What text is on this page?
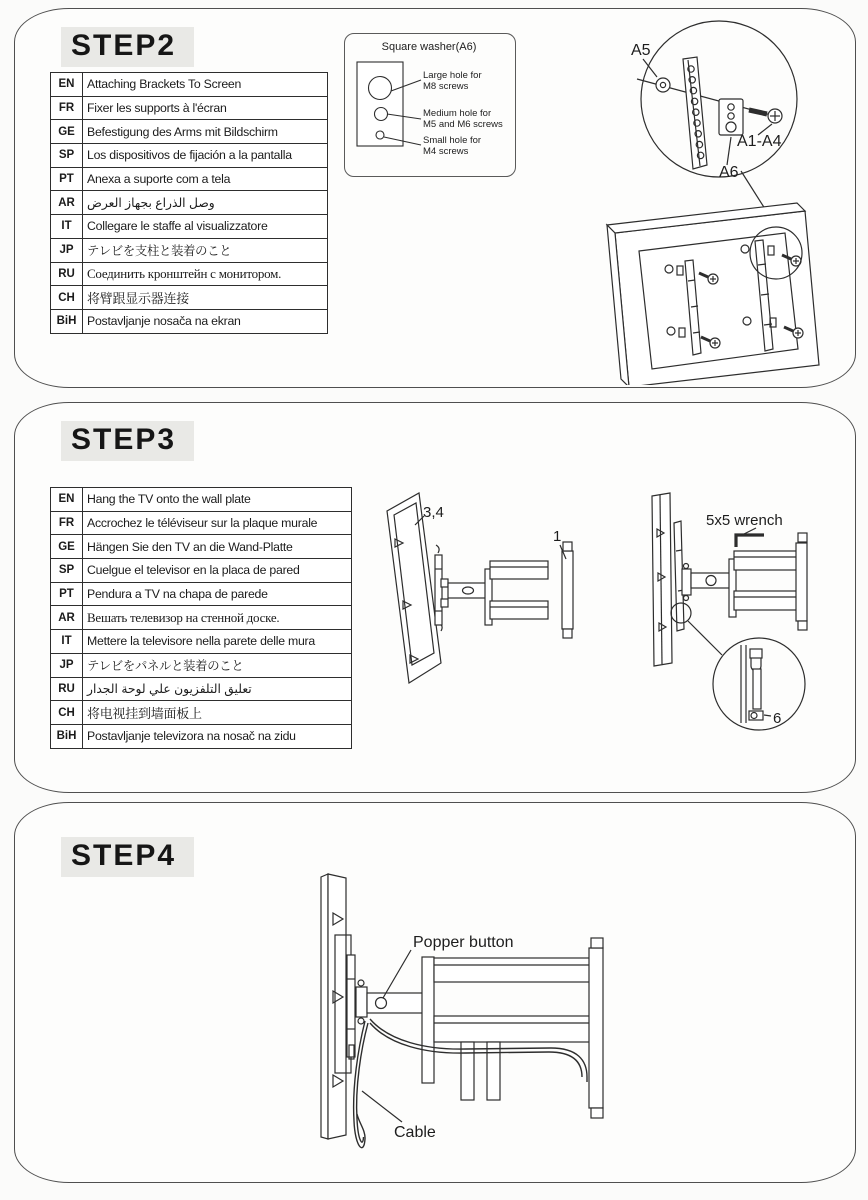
STEP2
EN	Attaching Brackets To Screen
FR	Fixer les supports à l'écran
GE	Befestigung des Arms mit Bildschirm
SP	Los dispositivos de fijación a la pantalla
PT	Anexa a suporte com a tela
AR	وصل الذراع بجهاز العرض
IT	Collegare le staffe al visualizzatore
JP	テレビを支柱と装着のこと
RU	Соединить кронштейн с монитором.
CH	将臂跟显示器连接
BiH	Postavljanje nosača na ekran
Square washer(A6)
Large hole for
M8 screws
Medium hole for
M5 and M6 screws
Small hole for
M4 screws
A5
A1-A4
A6
STEP3
EN	Hang the TV onto the wall plate
FR	Accrochez le téléviseur sur la plaque murale
GE	Hängen Sie den TV an die Wand-Platte
SP	Cuelgue el televisor en la placa de pared
PT	Pendura a TV na chapa de parede
AR	Вешать телевизор на стенной доске.
IT	Mettere la televisore nella parete delle mura
JP	テレビをパネルと装着のこと
RU	تعليق التلفزيون علي لوحة الجدار
CH	将电视挂到墙面板上
BiH	Postavljanje televizora na nosač na zidu
3,4
1
5x5 wrench
6
STEP4
Popper button
Cable
